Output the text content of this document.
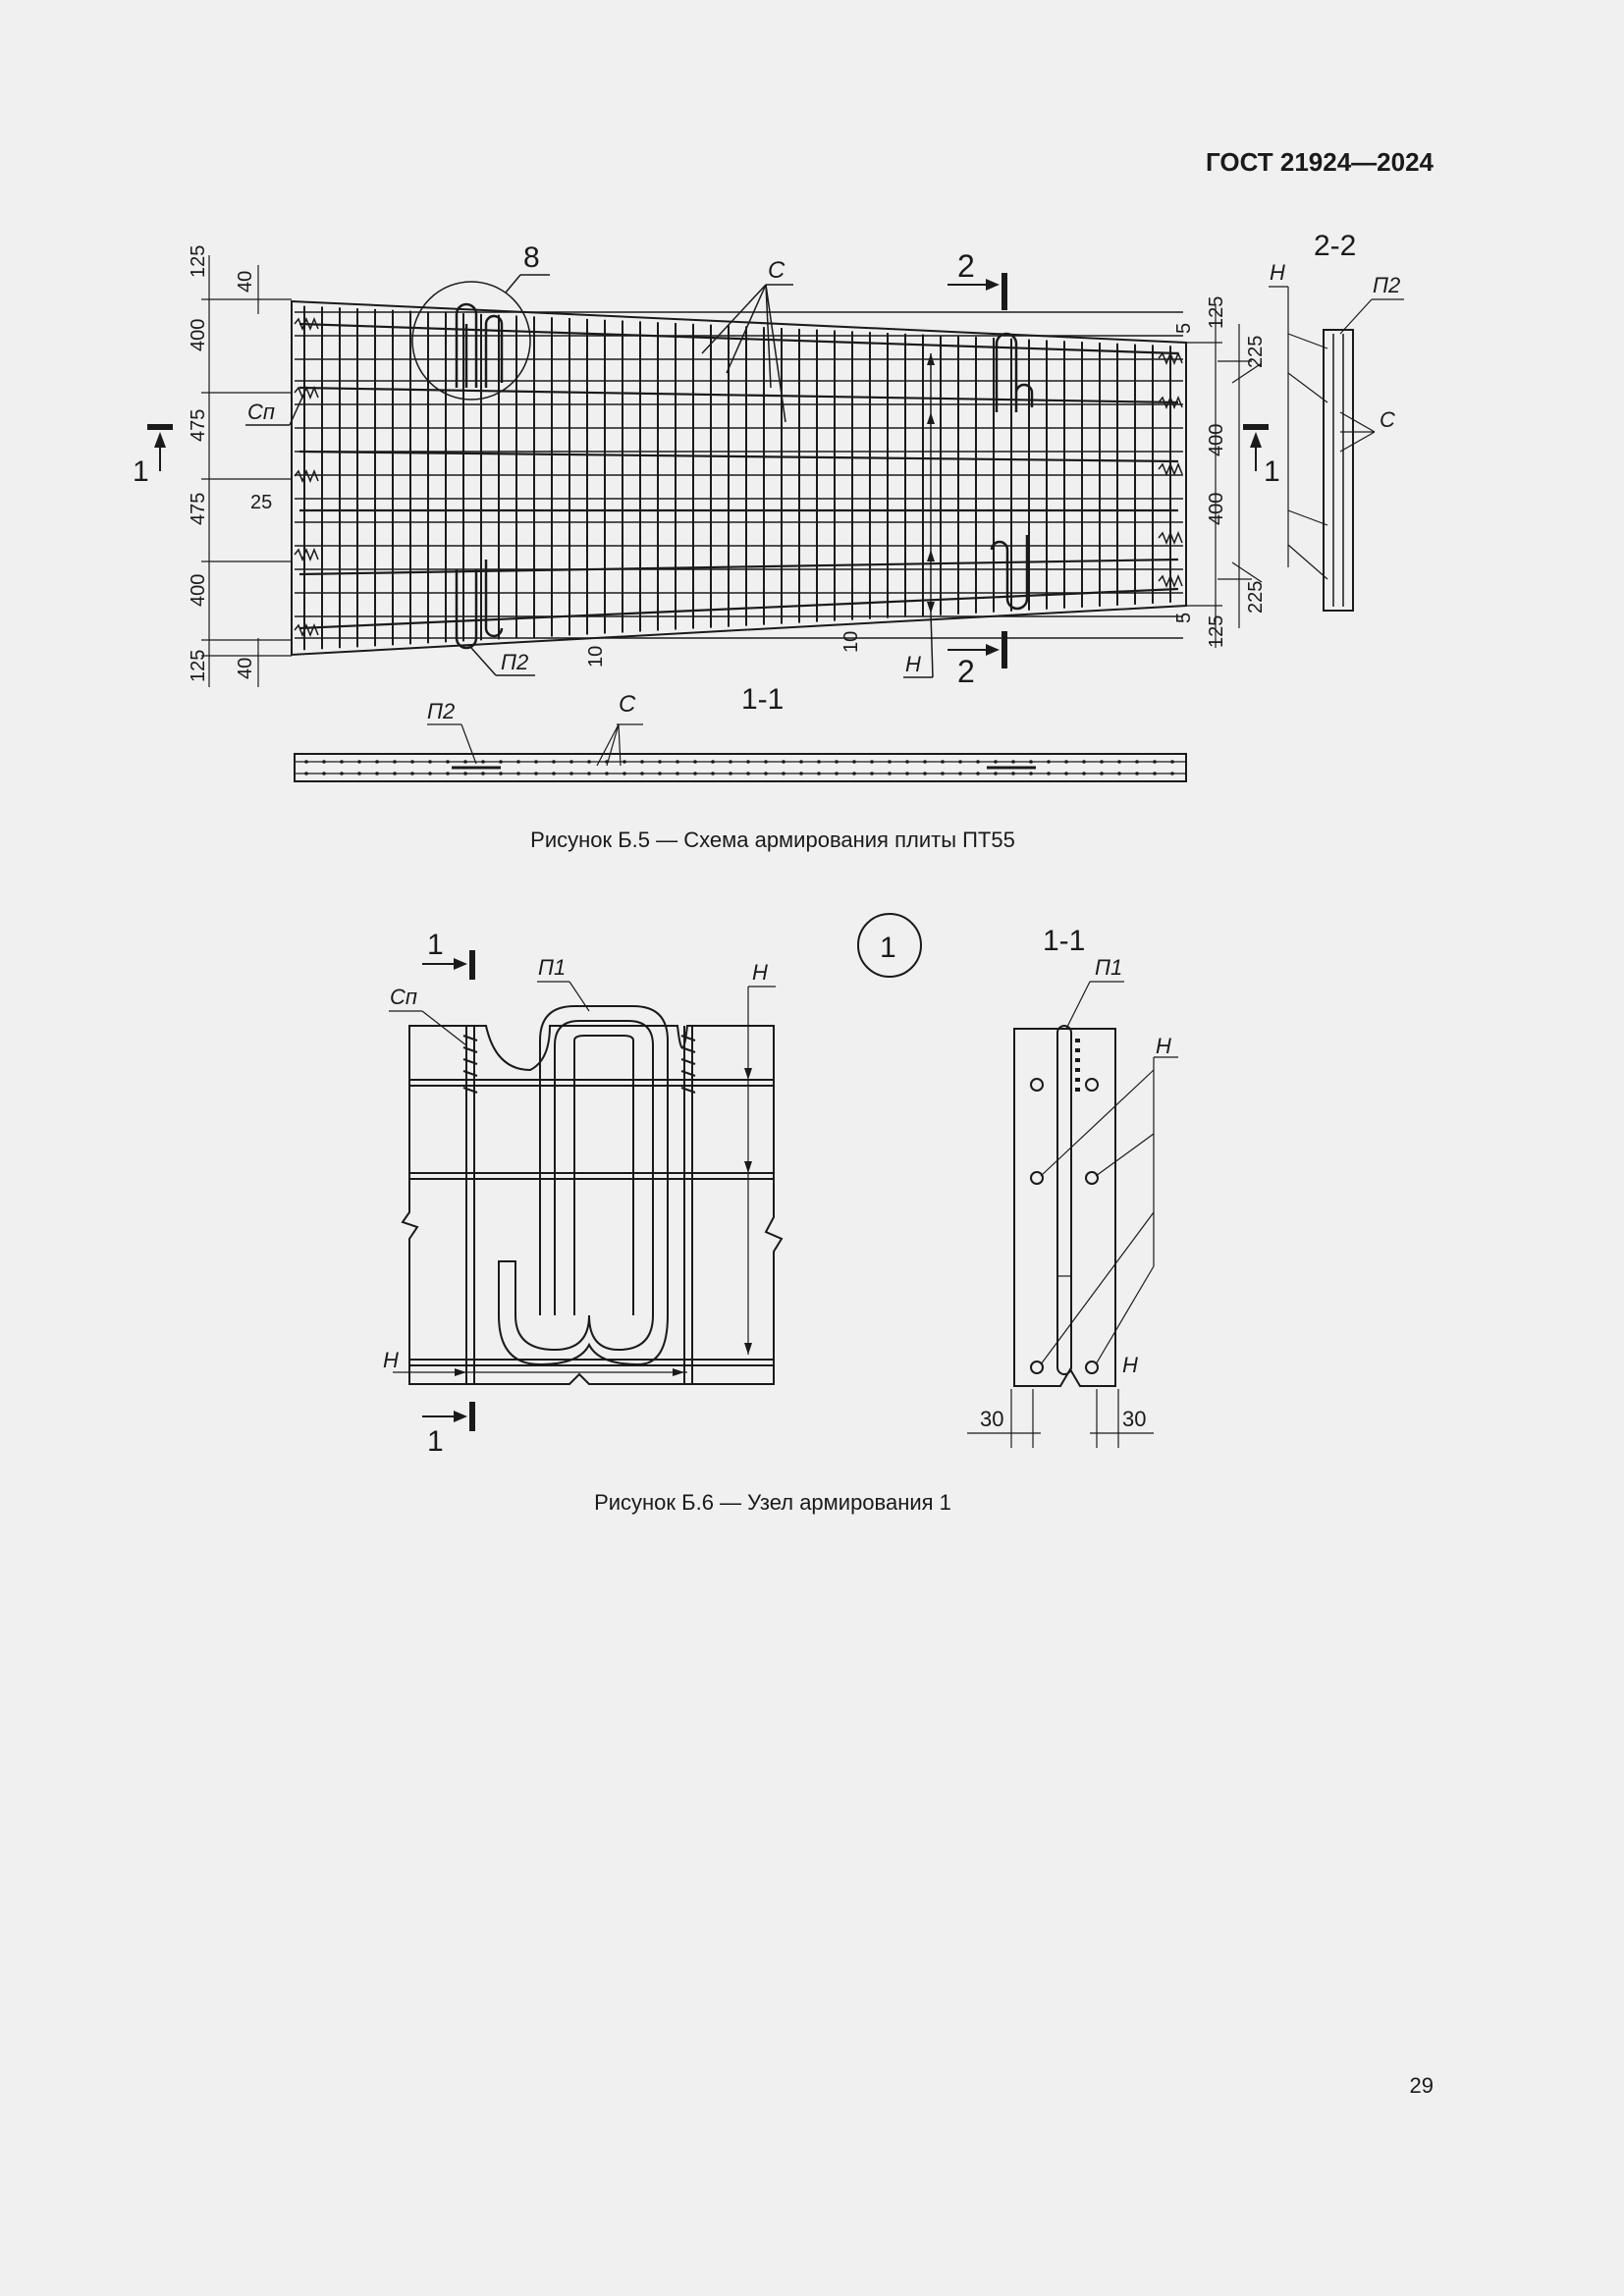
ГОСТ 21924—2024
8	С
Сп
П2	Н
1	1
2
2
125
400
475
475
400
125
40
40
25
125
225
400
400
225
125
5
5
10
10
2-2
Н
П2
С
1-1
П2	С
Рисунок Б.5 — Схема армирования плиты ПТ55
1
Н
Н
П1
Сп
1
1
1-1
П1
Н
Н
30	30
Рисунок Б.6 — Узел армирования 1
29
